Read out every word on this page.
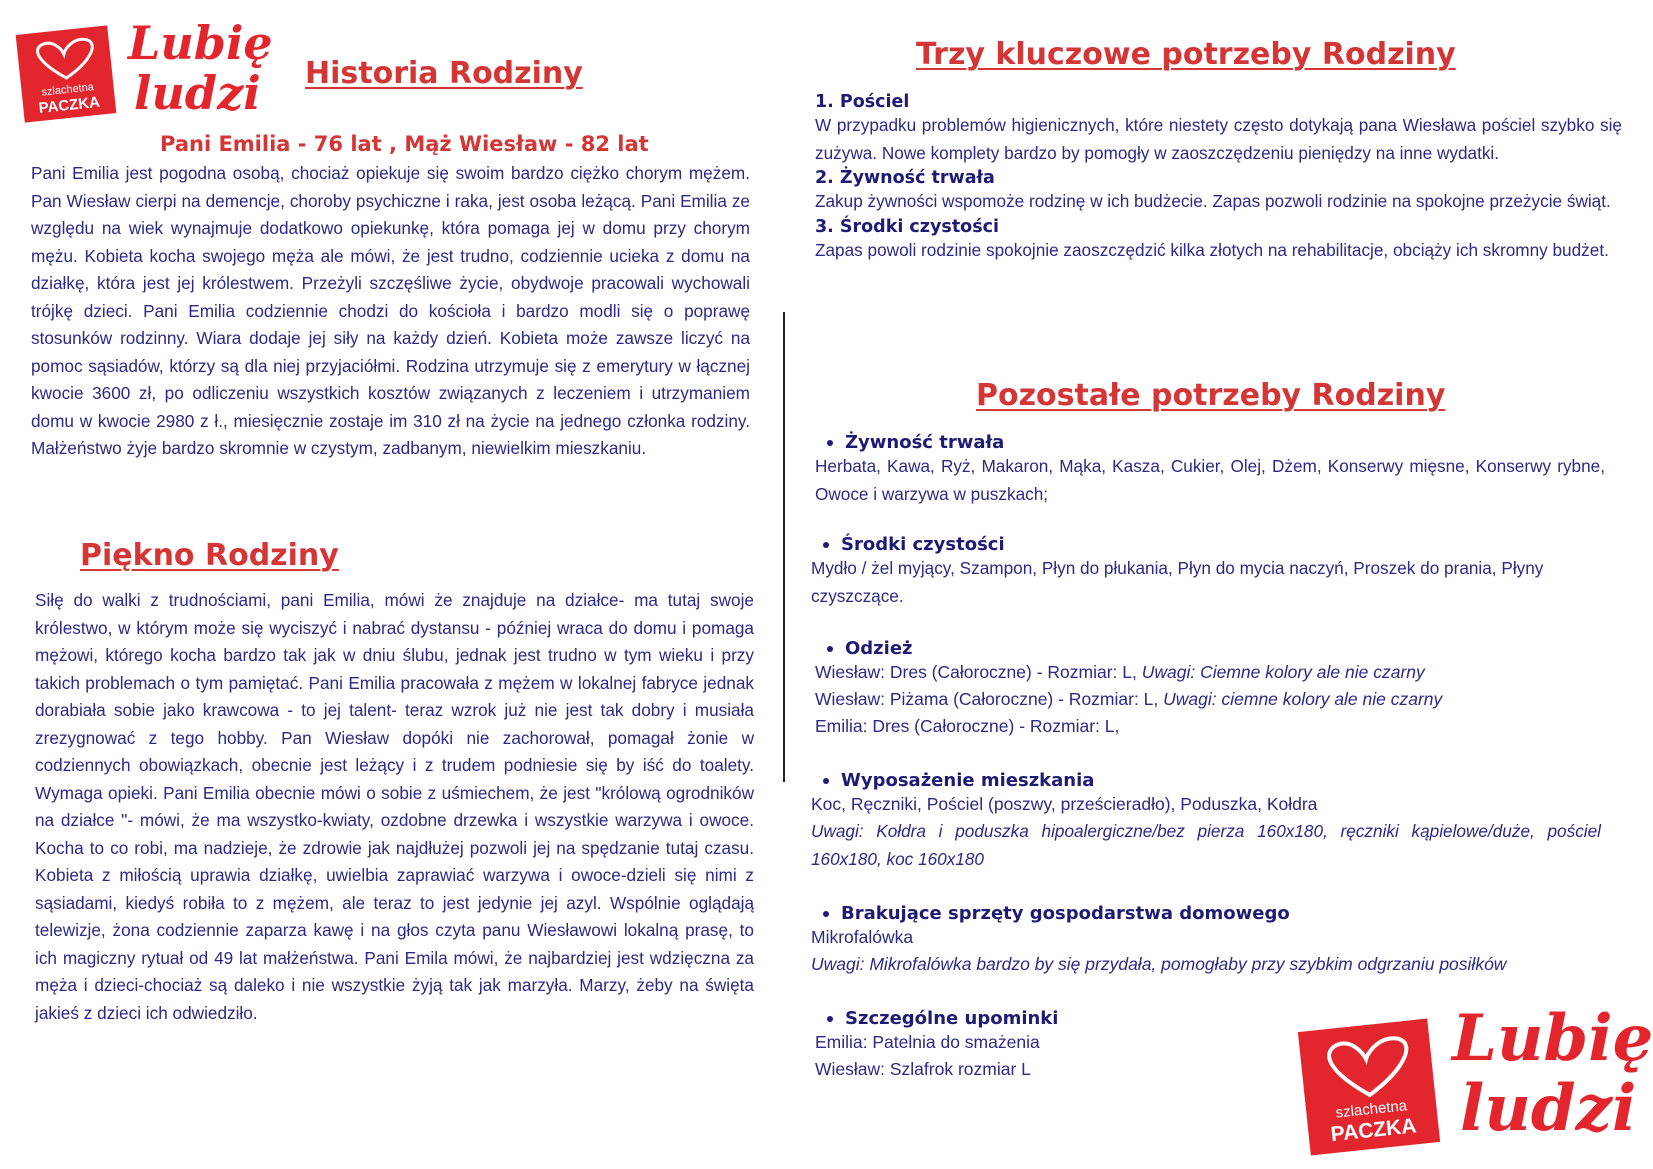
szlachetna
PACZKA
Lubię
ludzi Historia Rodziny
Pani Emilia - 76 lat , Mąż Wiesław - 82 lat

Pani Emilia jest pogodna osobą, chociaż opiekuje się swoim bardzo ciężko chorym mężem. Pan Wiesław cierpi na demencje, choroby psychiczne i raka, jest osoba leżącą. Pani Emilia ze względu na wiek wynajmuje dodatkowo opiekunkę, która pomaga jej w domu przy chorym mężu. Kobieta kocha swojego męża ale mówi, że jest trudno, codziennie ucieka z domu na działkę, która jest jej królestwem. Przeżyli szczęśliwe życie, obydwoje pracowali wychowali trójkę dzieci. Pani Emilia codziennie chodzi do kościoła i bardzo modli się o poprawę stosunków rodzinny. Wiara dodaje jej siły na każdy dzień. Kobieta może zawsze liczyć na pomoc sąsiadów, którzy są dla niej przyjaciółmi. Rodzina utrzymuje się z emerytury w łącznej kwocie 3600 zł, po odliczeniu wszystkich kosztów związanych z leczeniem i utrzymaniem domu w kwocie 2980 z ł., miesięcznie zostaje im 310 zł na życie na jednego członka rodziny. Małżeństwo żyje bardzo skromnie w czystym, zadbanym, niewielkim mieszkaniu.

Piękno Rodziny

Siłę do walki z trudnościami, pani Emilia, mówi że znajduje na działce- ma tutaj swoje królestwo, w którym może się wyciszyć i nabrać dystansu - później wraca do domu i pomaga mężowi, którego kocha bardzo tak jak w dniu ślubu, jednak jest trudno w tym wieku i przy takich problemach o tym pamiętać. Pani Emilia pracowała z mężem w lokalnej fabryce jednak dorabiała sobie jako krawcowa - to jej talent- teraz wzrok już nie jest tak dobry i musiała zrezygnować z tego hobby. Pan Wiesław dopóki nie zachorował, pomagał żonie w codziennych obowiązkach, obecnie jest leżący i z trudem podniesie się by iść do toalety. Wymaga opieki. Pani Emilia obecnie mówi o sobie z uśmiechem, że jest "królową ogrodników na działce "- mówi, że ma wszystko-kwiaty, ozdobne drzewka i wszystkie warzywa i owoce. Kocha to co robi, ma nadzieje, że zdrowie jak najdłużej pozwoli jej na spędzanie tutaj czasu. Kobieta z miłością uprawia działkę, uwielbia zaprawiać warzywa i owoce-dzieli się nimi z sąsiadami, kiedyś robiła to z mężem, ale teraz to jest jedynie jej azyl. Wspólnie oglądają telewizje, żona codziennie zaparza kawę i na głos czyta panu Wiesławowi lokalną prasę, to ich magiczny rytuał od 49 lat małżeństwa. Pani Emila mówi, że najbardziej jest wdzięczna za męża i dzieci-chociaż są daleko i nie wszystkie żyją tak jak marzyła. Marzy, żeby na święta jakieś z dzieci ich odwiedziło.

Trzy kluczowe potrzeby Rodziny
1. Pościel

W przypadku problemów higienicznych, które niestety często dotykają pana Wiesława pościel szybko się zużywa. Nowe komplety bardzo by pomogły w zaoszczędzeniu pieniędzy na inne wydatki.

2. Żywność trwała

Zakup żywności wspomoże rodzinę w ich budżecie. Zapas pozwoli rodzinie na spokojne przeżycie świąt.

3. Środki czystości

Zapas powoli rodzinie spokojnie zaoszczędzić kilka złotych na rehabilitacje, obciąży ich skromny budżet.

Pozostałe potrzeby Rodziny
Żywność trwała

Herbata, Kawa, Ryż, Makaron, Mąka, Kasza, Cukier, Olej, Dżem, Konserwy mięsne, Konserwy rybne, Owoce i warzywa w puszkach;

Środki czystości

Mydło / żel myjący, Szampon, Płyn do płukania, Płyn do mycia naczyń, Proszek do prania, Płyny czyszczące.

Odzież

Wiesław: Dres (Całoroczne) - Rozmiar: L, Uwagi: Ciemne kolory ale nie czarny

Wiesław: Piżama (Całoroczne) - Rozmiar: L, Uwagi: ciemne kolory ale nie czarny

Emilia: Dres (Całoroczne) - Rozmiar: L,

Wyposażenie mieszkania

Koc, Ręczniki, Pościel (poszwy, prześcieradło), Poduszka, Kołdra

Uwagi: Kołdra i poduszka hipoalergiczne/bez pierza 160x180, ręczniki kąpielowe/duże, pościel 160x180, koc 160x180

Brakujące sprzęty gospodarstwa domowego

Mikrofalówka

Uwagi: Mikrofalówka bardzo by się przydała, pomogłaby przy szybkim odgrzaniu posiłków

Szczególne upominki

Emilia: Patelnia do smażenia

Wiesław: Szlafrok rozmiar L

szlachetna
PACZKA
Lubię
ludzi
